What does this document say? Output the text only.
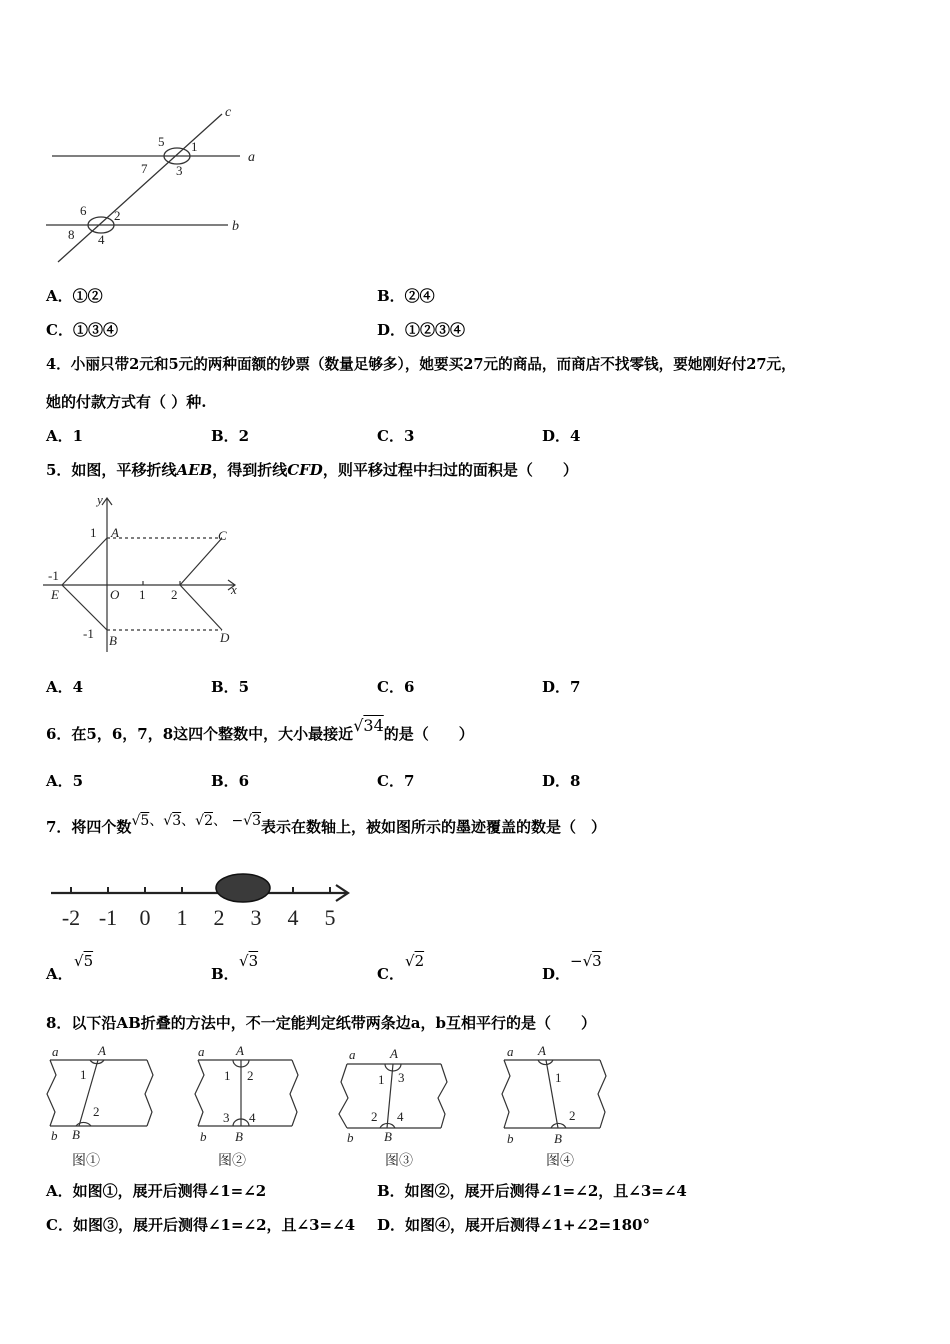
c
a
b
5 1
7 3
6 2
8 4
A．①②	B．②④
C．①③④	D．①②③④
4．小丽只带2元和5元的两种面额的钞票（数量足够多），她要买27元的商品，而商店不找零钱，要她刚好付27元，
她的付款方式有（ ）种.
A．1	B．2	C．3	D．4
5．如图，平移折线AEB，得到折线CFD，则平移过程中扫过的面积是（　　）
y
x
1 A	C
-1
E	O 1 2
-1 B	D
A．4	B．5	C．6	D．7
6．在5，6，7，8这四个整数中，大小最接近√34的是（　　）
A．5	B．6	C．7	D．8
7．将四个数√5、√3、√2、 −√3表示在数轴上，被如图所示的墨迹覆盖的数是（　）
-2 -1 0 1 2 3 4 5
A．
√5
B．
√3
C．
√2
D．
−√3
8．以下沿AB折叠的方法中，不一定能判定纸带两条边a，b互相平行的是（　　）
a	A
1
2
b B
图①
a A
1 2
3 4
b B
图②
a	A
1 3
2 4
b B
图③
a A
1
2
b	B
图④
A．如图①，展开后测得∠1=∠2	B．如图②，展开后测得∠1=∠2，且∠3=∠4
C．如图③，展开后测得∠1=∠2，且∠3=∠4 D．如图④，展开后测得∠1+∠2=180°
